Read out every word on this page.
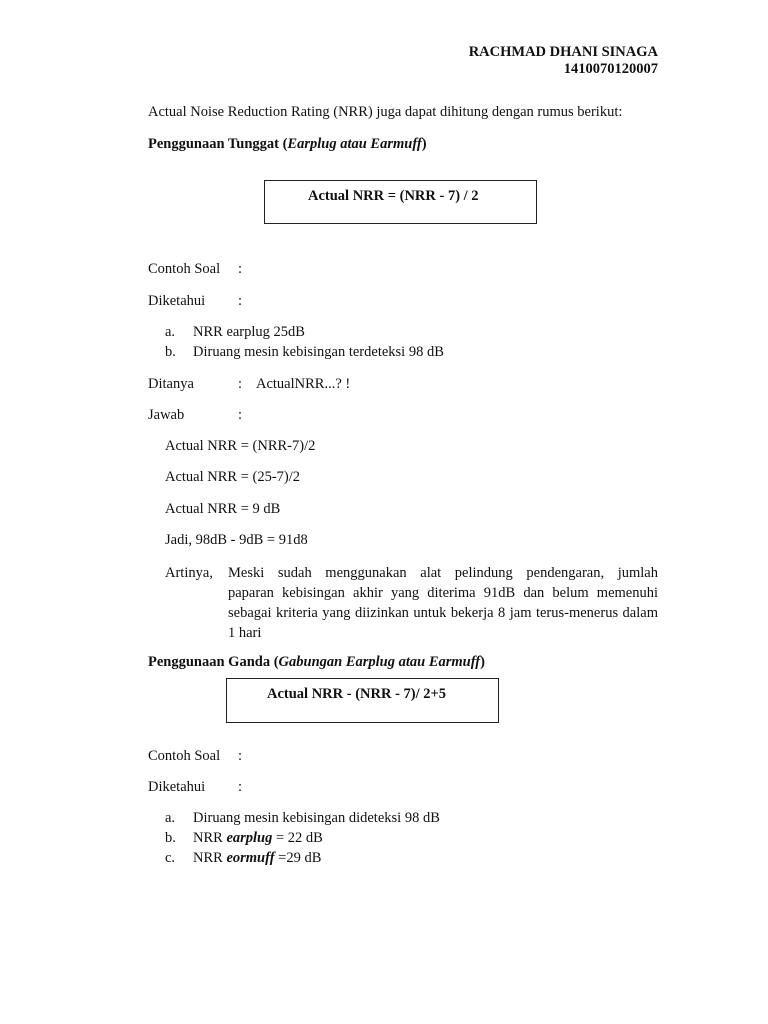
RACHMAD DHANI SINAGA
1410070120007
Actual Noise Reduction Rating (NRR) juga dapat dihitung dengan rumus berikut:
Penggunaan Tunggat (Earplug atau Earmuff)
Actual NRR = (NRR - 7) / 2
Contoh Soal :
Diketahui :
a. NRR earplug 25dB
b. Diruang mesin kebisingan terdeteksi 98 dB
Ditanya	: ActualNRR...? !
Jawab	:
Actual NRR = (NRR-7)/2
Actual NRR = (25-7)/2
Actual NRR = 9 dB
Jadi, 98dB - 9dB = 91d8
Artinya, Meski sudah menggunakan alat pelindung pendengaran, jumlah
paparan kebisingan akhir yang diterima 91dB dan belum memenuhi sebagai kriteria yang diizinkan untuk bekerja 8 jam terus-menerus dalam 1 hari
Penggunaan Ganda (Gabungan Earplug atau Earmuff)
Actual NRR - (NRR - 7)/ 2+5
Contoh Soal :
Diketahui :
a. Diruang mesin kebisingan dideteksi 98 dB
b. NRR earplug = 22 dB
c. NRR eormuff =29 dB
